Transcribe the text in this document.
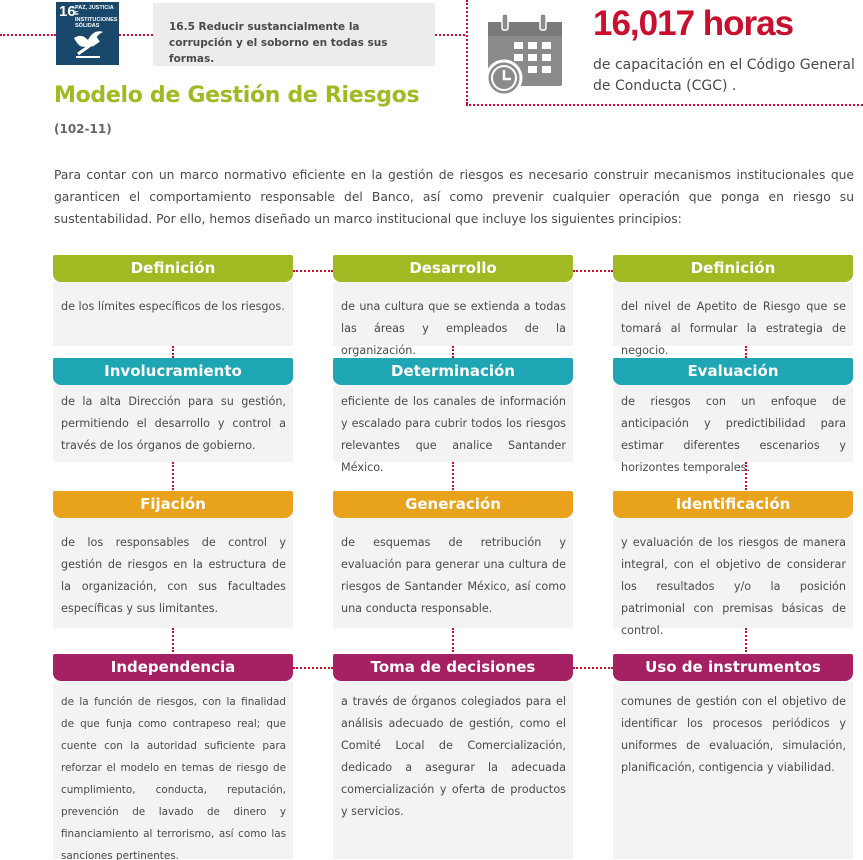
16 PAZ, JUSTICIA E INSTITUCIONES SÓLIDAS	16.5 Reducir sustancialmente la corrupción y el soborno en todas sus formas.
Modelo de Gestión de Riesgos
(102-11)
16,017 horas
de capacitación en el Código General de Conducta (CGC) .

Para contar con un marco normativo eficiente en la gestión de riesgos es necesario construir mecanismos institucionales que garanticen el comportamiento responsable del Banco, así como prevenir cualquier operación que ponga en riesgo su sustentabilidad. Por ello, hemos diseñado un marco institucional que incluye los siguientes principios:

Definición
de los límites específicos de los riesgos.
Desarrollo
de una cultura que se extienda a todas las áreas y empleados de la organización.
Definición
del nivel de Apetito de Riesgo que se tomará al formular la estrategia de negocio.
Involucramiento
de la alta Dirección para su gestión, permitiendo el desarrollo y control a través de los órganos de gobierno.
Determinación
eficiente de los canales de información y escalado para cubrir todos los riesgos relevantes que analice Santander México.
Evaluación
de riesgos con un enfoque de anticipación y predictibilidad para estimar diferentes escenarios y horizontes temporales.
Fijación
de los responsables de control y gestión de riesgos en la estructura de la organización, con sus facultades específicas y sus limitantes.
Generación
de esquemas de retribución y evaluación para generar una cultura de riesgos de Santander México, así como una conducta responsable.
Identificación
y evaluación de los riesgos de manera integral, con el objetivo de considerar los resultados y/o la posición patrimonial con premisas básicas de control.
Independencia
de la función de riesgos, con la finalidad de que funja como contrapeso real; que cuente con la autoridad suficiente para reforzar el modelo en temas de riesgo de cumplimiento, conducta, reputación, prevención de lavado de dinero y financiamiento al terrorismo, así como las sanciones pertinentes.
Toma de decisiones
a través de órganos colegiados para el análisis adecuado de gestión, como el Comité Local de Comercialización, dedicado a asegurar la adecuada comercialización y oferta de productos y servicios.
Uso de instrumentos
comunes de gestión con el objetivo de identificar los procesos periódicos y uniformes de evaluación, simulación, planificación, contigencia y viabilidad.
